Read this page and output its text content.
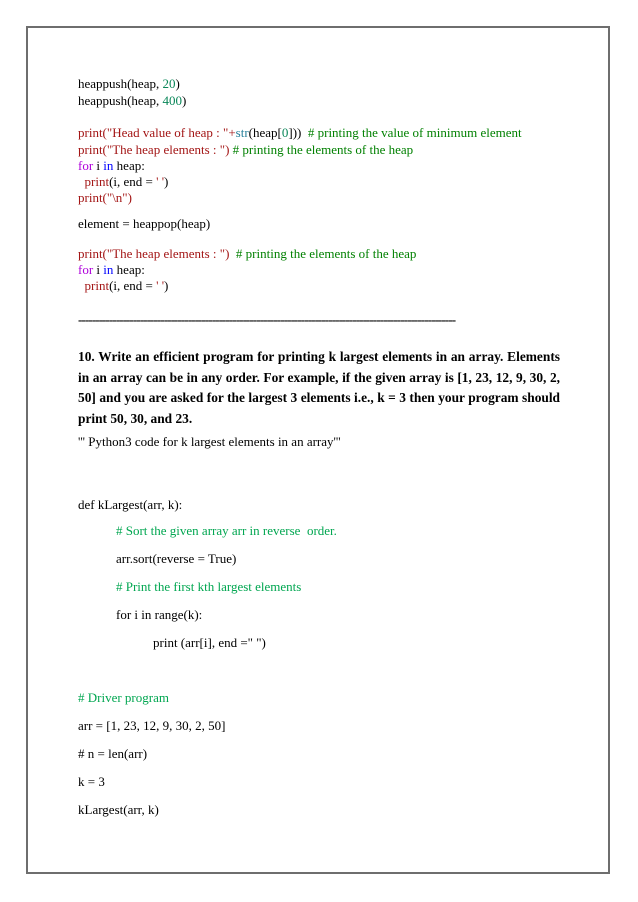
heappush(heap, 20)
heappush(heap, 400)
print("Head value of heap : "+str(heap[0]))  # printing the value of minimum element
print("The heap elements : ") # printing the elements of the heap
for i in heap:
print(i, end = ' ')
print("\n")
element = heappop(heap)
print("The heap elements : ")  # printing the elements of the heap
for i in heap:
print(i, end = ' ')
--------------------------------------------------------------------------------------------------------------

10. Write an efficient program for printing k largest elements in an array. Elements in an array can be in any order. For example, if the given array is [1, 23, 12, 9, 30, 2, 50] and you are asked for the largest 3 elements i.e., k = 3 then your program should print 50, 30, and 23.

''' Python3 code for k largest elements in an array'''
def kLargest(arr, k):
# Sort the given array arr in reverse  order.
arr.sort(reverse = True)
# Print the first kth largest elements
for i in range(k):
print (arr[i], end =" ")
# Driver program
arr = [1, 23, 12, 9, 30, 2, 50]
# n = len(arr)
k = 3
kLargest(arr, k)
